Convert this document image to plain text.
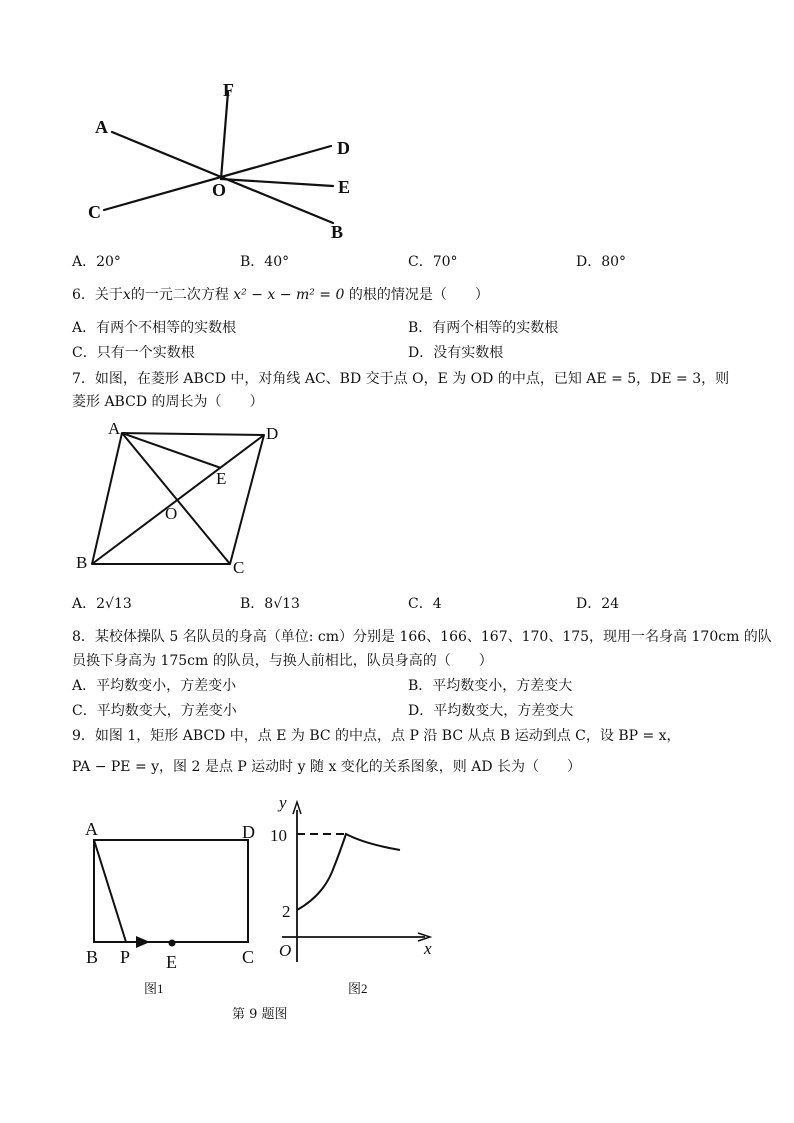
F
A
D
O	E
C
B
A．20°	B．40°	C．70°	D．80°
6．关于x的一元二次方程 x² − x − m² = 0 的根的情况是（　　）
A．有两个不相等的实数根	B．有两个相等的实数根
C．只有一个实数根	D．没有实数根
7．如图，在菱形 ABCD 中，对角线 AC、BD 交于点 O，E 为 OD 的中点，已知 AE = 5，DE = 3，则
菱形 ABCD 的周长为（　　）
A	D
E
O
B	C
A．2√13	B．8√13	C．4	D．24
8．某校体操队 5 名队员的身高（单位: cm）分别是 166、166、167、170、175，现用一名身高 170cm 的队
员换下身高为 175cm 的队员，与换人前相比，队员身高的（　　）
A．平均数变小，方差变小	B．平均数变小，方差变大
C．平均数变大，方差变小	D．平均数变大，方差变大
9．如图 1，矩形 ABCD 中，点 E 为 BC 的中点，点 P 沿 BC 从点 B 运动到点 C，设 BP = x，
PA − PE = y，图 2 是点 P 运动时 y 随 x 变化的关系图象，则 AD 长为（　　）
A	D
B P E	C
图1
y
10
2
O	x
图2
第 9 题图
